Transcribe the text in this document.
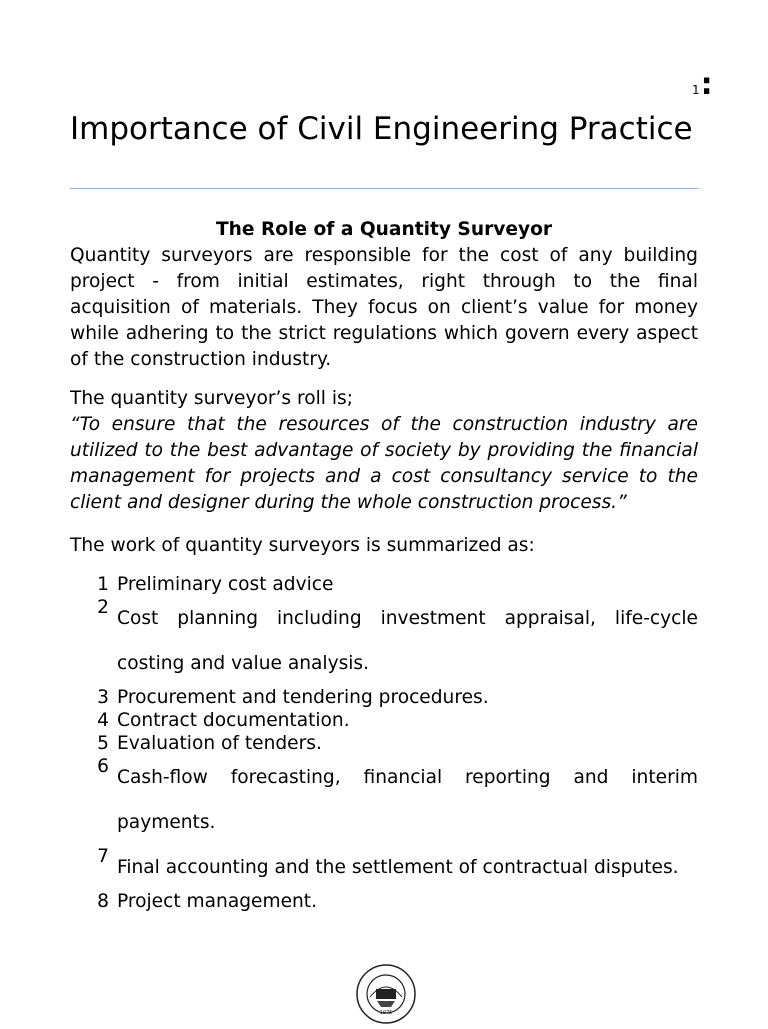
1 :
Importance of Civil Engineering Practice

The Role of a Quantity Surveyor

Quantity surveyors are responsible for the cost of any building project - from initial estimates, right through to the final acquisition of materials. They focus on client’s value for money while adhering to the strict regulations which govern every aspect of the construction industry.

The quantity surveyor’s roll is;

“To ensure that the resources of the construction industry are utilized to the best advantage of society by providing the financial management for projects and a cost consultancy service to the client and designer during the whole construction process.”

The work of quantity surveyors is summarized as:

1 Preliminary cost advice
2
Cost planning including investment appraisal, life-cycle costing and value analysis.
3 Procurement and tendering procedures.
4 Contract documentation.
5 Evaluation of tenders.
6
Cash-flow forecasting, financial reporting and interim payments.
7
Final accounting and the settlement of contractual disputes.
8 Project management.
1975
